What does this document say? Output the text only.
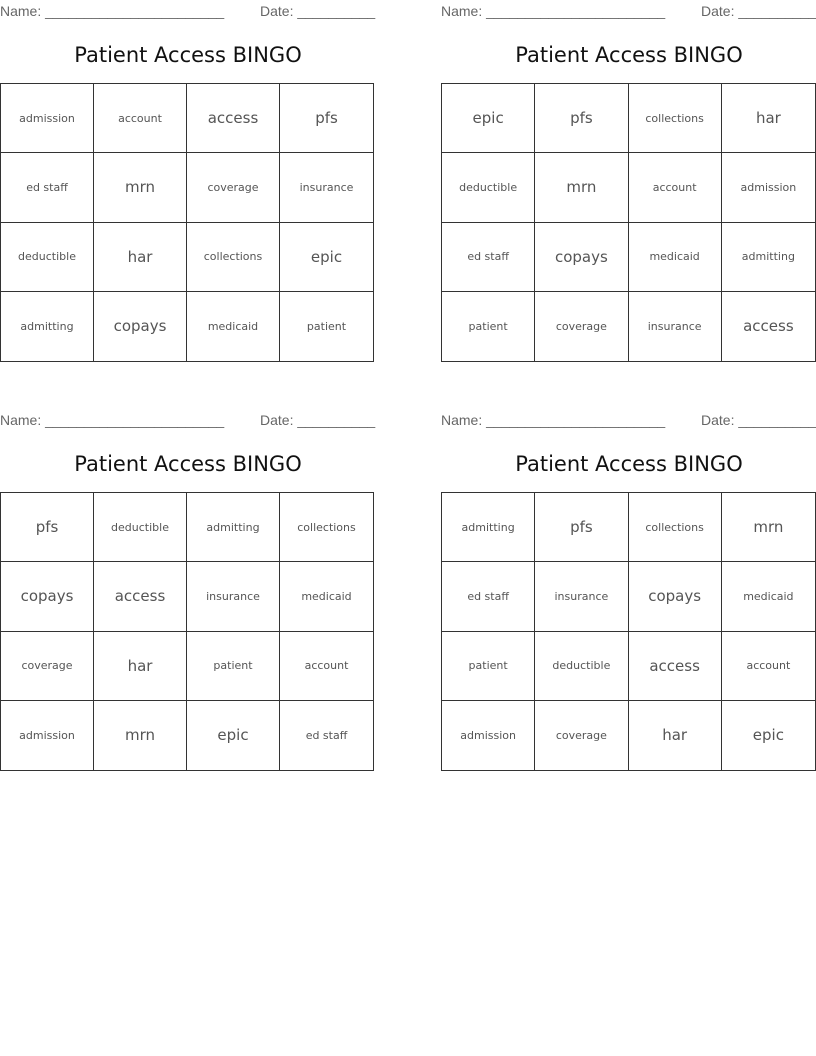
Name: _______________________	Date: __________
Patient Access BINGO
admission	account	access	pfs
ed staff	mrn	coverage	insurance
deductible	har	collections	epic
admitting	copays	medicaid	patient
Name: _______________________	Date: __________
Patient Access BINGO
epic	pfs	collections	har
deductible	mrn	account	admission
ed staff	copays	medicaid	admitting
patient	coverage	insurance	access
Name: _______________________	Date: __________
Patient Access BINGO
pfs	deductible	admitting	collections
copays	access	insurance	medicaid
coverage	har	patient	account
admission	mrn	epic	ed staff
Name: _______________________	Date: __________
Patient Access BINGO
admitting	pfs	collections	mrn
ed staff	insurance	copays	medicaid
patient	deductible	access	account
admission	coverage	har	epic
